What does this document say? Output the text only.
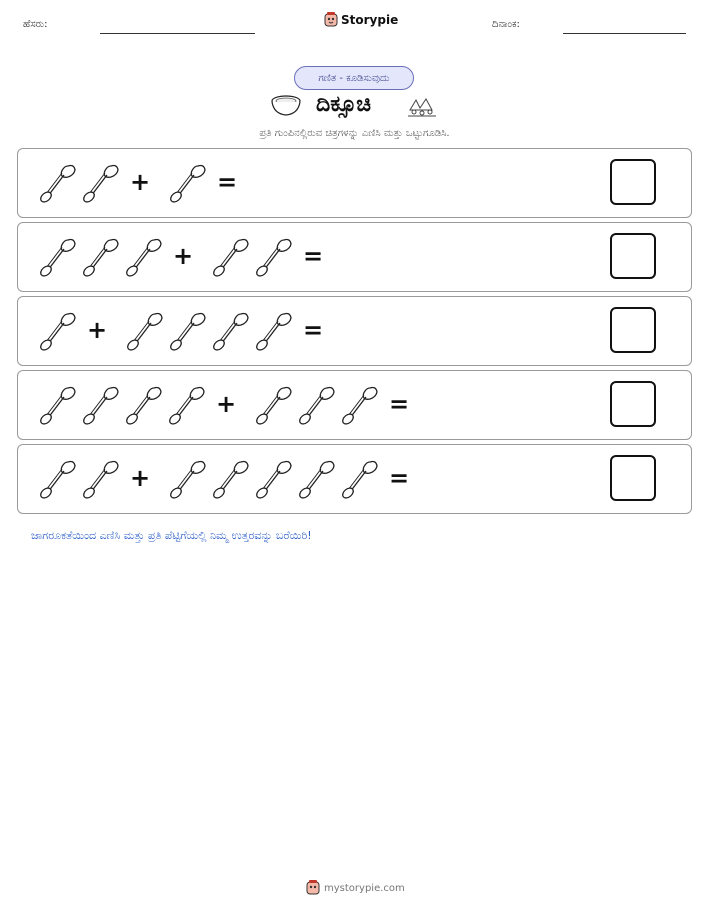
ಹೆಸರು:	Storypie	ದಿನಾಂಕ:
ಗಣಿತ - ಕೂಡಿಸುವುದು
ದಿಕ್ಸೂಚಿ
ಪ್ರತಿ ಗುಂಪಿನಲ್ಲಿರುವ ಚಿತ್ರಗಳನ್ನು ಎಣಿಸಿ ಮತ್ತು ಒಟ್ಟುಗೂಡಿಸಿ.
+	=
+	=
+	=
+	=
+	=
ಜಾಗರೂಕತೆಯಿಂದ ಎಣಿಸಿ ಮತ್ತು ಪ್ರತಿ ಪೆಟ್ಟಿಗೆಯಲ್ಲಿ ನಿಮ್ಮ ಉತ್ತರವನ್ನು ಬರೆಯಿರಿ!
mystorypie.com
